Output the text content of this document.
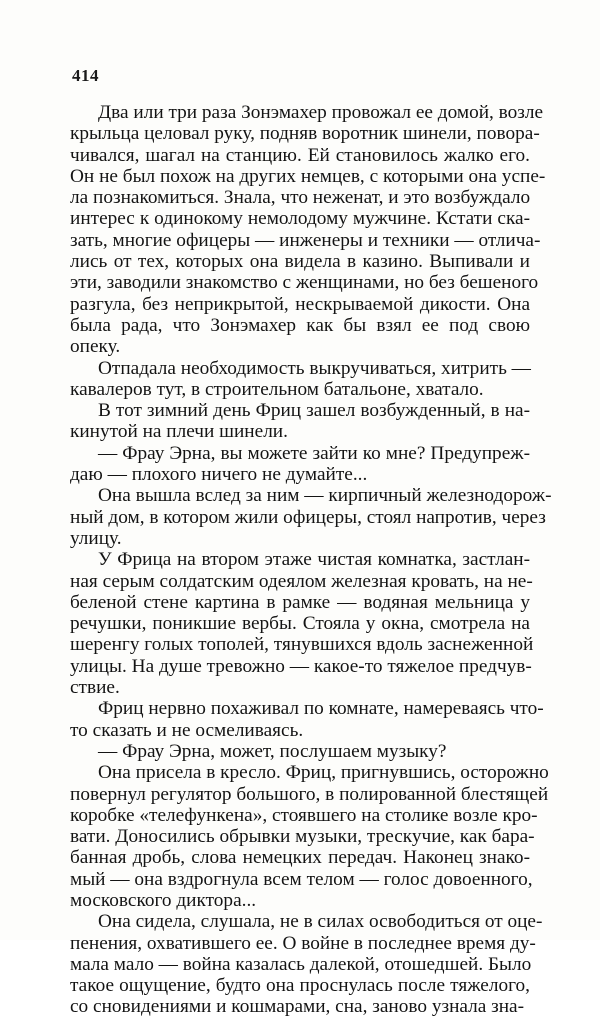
414

Два или три раза Зонэмахер провожал ее домой, возле
крыльца целовал руку, подняв воротник шинели, повора-
чивался, шагал на станцию. Ей становилось жалко его.
Он не был похож на других немцев, с которыми она успе-
ла познакомиться. Знала, что неженат, и это возбуждало
интерес к одинокому немолодому мужчине. Кстати ска-
зать, многие офицеры — инженеры и техники — отлича-
лись от тех, которых она видела в казино. Выпивали и
эти, заводили знакомство с женщинами, но без бешеного
разгула, без неприкрытой, нескрываемой дикости. Она
была рада, что Зонэмахер как бы взял ее под свою
опеку.

Отпадала необходимость выкручиваться, хитрить —
кавалеров тут, в строительном батальоне, хватало.

В тот зимний день Фриц зашел возбужденный, в на-
кинутой на плечи шинели.

— Фрау Эрна, вы можете зайти ко мне? Предупреж-
даю — плохого ничего не думайте...

Она вышла вслед за ним — кирпичный железнодорож-
ный дом, в котором жили офицеры, стоял напротив, через
улицу.

У Фрица на втором этаже чистая комнатка, застлан-
ная серым солдатским одеялом железная кровать, на не-
беленой стене картина в рамке — водяная мельница у
речушки, поникшие вербы. Стояла у окна, смотрела на
шеренгу голых тополей, тянувшихся вдоль заснеженной
улицы. На душе тревожно — какое-то тяжелое предчув-
ствие.

Фриц нервно похаживал по комнате, намереваясь что-
то сказать и не осмеливаясь.

— Фрау Эрна, может, послушаем музыку?

Она присела в кресло. Фриц, пригнувшись, осторожно
повернул регулятор большого, в полированной блестящей
коробке «телефункена», стоявшего на столике возле кро-
вати. Доносились обрывки музыки, трескучие, как бара-
банная дробь, слова немецких передач. Наконец знако-
мый — она вздрогнула всем телом — голос довоенного,
московского диктора...

Она сидела, слушала, не в силах освободиться от оце-
пенения, охватившего ее. О войне в последнее время ду-
мала мало — война казалась далекой, отошедшей. Было
такое ощущение, будто она проснулась после тяжелого,
со сновидениями и кошмарами, сна, заново узнала зна-
